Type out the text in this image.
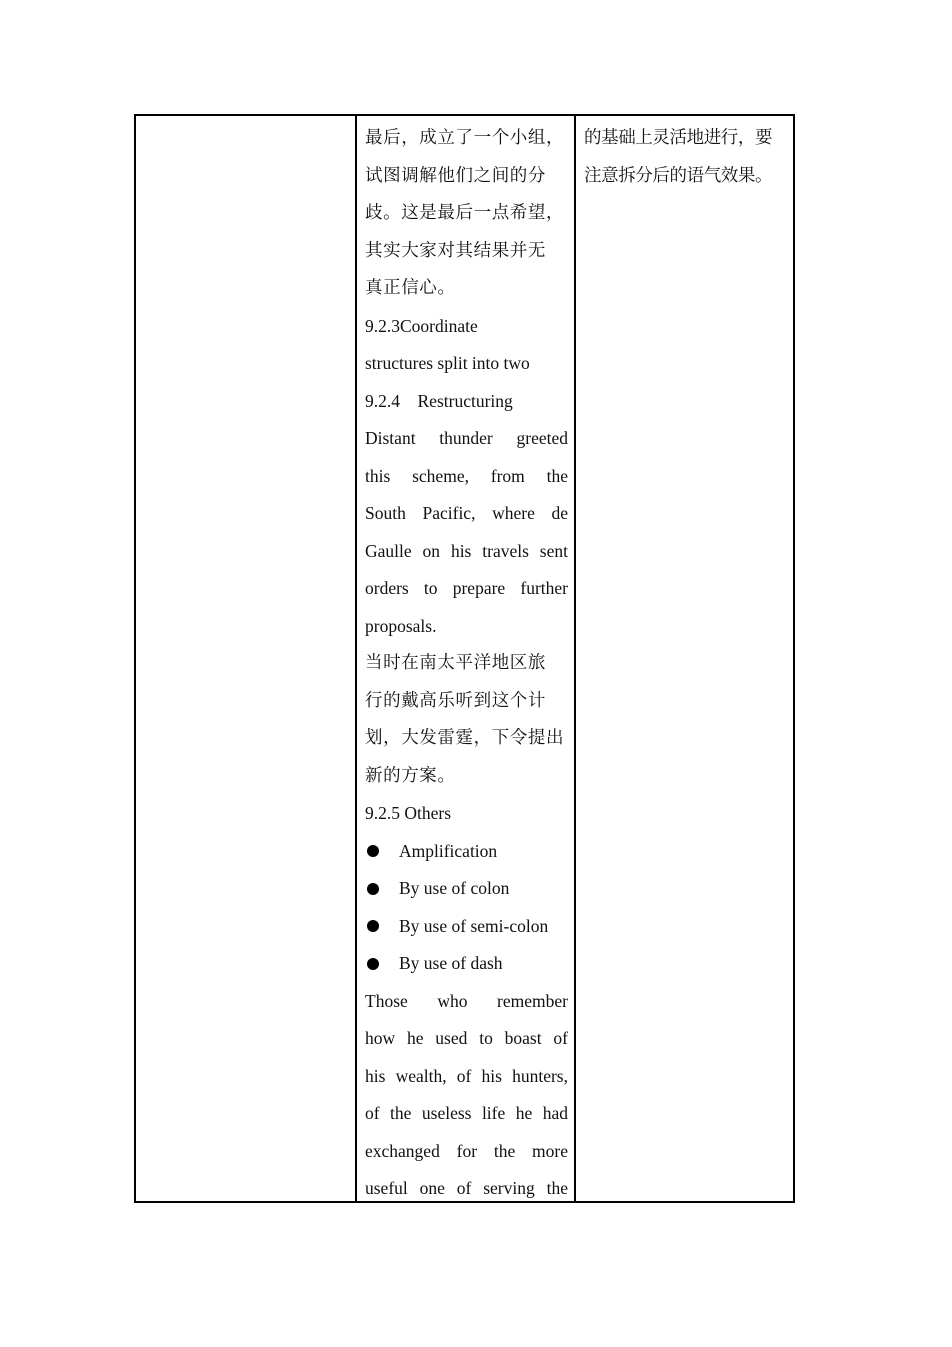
最后，成立了一个小组，
试图调解他们之间的分
歧。这是最后一点希望，
其实大家对其结果并无
真正信心。
9.2.3Coordinate
structures split into two
9.2.4    Restructuring
Distant thunder greeted
this scheme, from the
South Pacific, where de
Gaulle on his travels sent
orders to prepare further
proposals.
当时在南太平洋地区旅
行的戴高乐听到这个计
划，大发雷霆，下令提出
新的方案。
9.2.5 Others
Amplification
By use of colon
By use of semi-colon
By use of dash
Those who remember
how he used to boast of
his wealth, of his hunters,
of the useless life he had
exchanged for the more
useful one of serving the
的基础上灵活地进行，要
注意拆分后的语气效果。
